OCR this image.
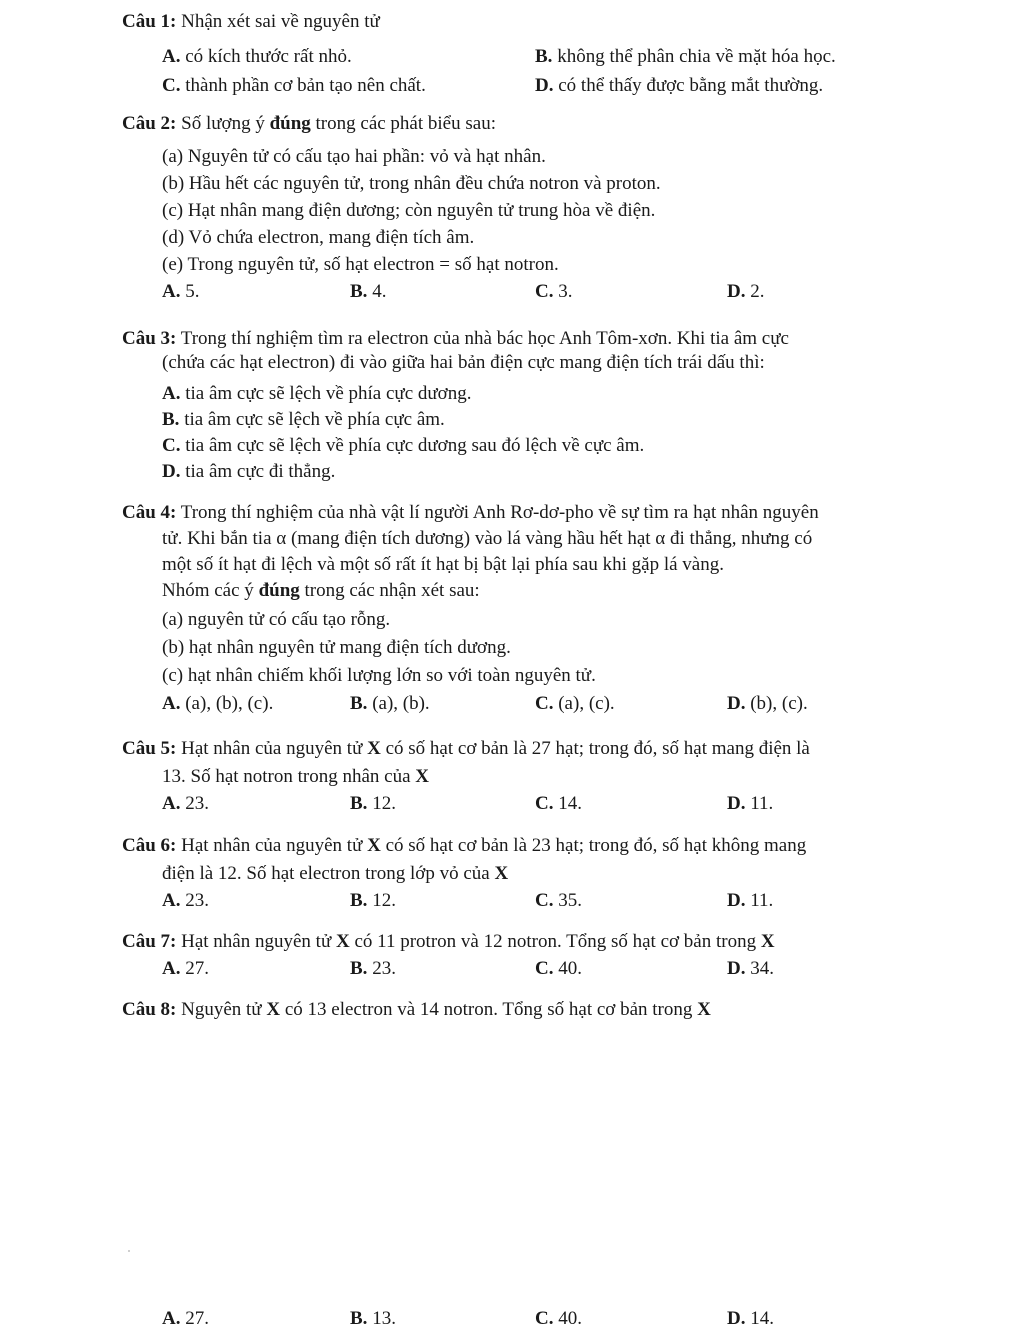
Câu 1: Nhận xét sai về nguyên tử
A. có kích thước rất nhỏ.	B. không thể phân chia về mặt hóa học.
C. thành phần cơ bản tạo nên chất.	D. có thể thấy được bằng mắt thường.
Câu 2: Số lượng ý đúng trong các phát biểu sau:
(a) Nguyên tử có cấu tạo hai phần: vỏ và hạt nhân.
(b) Hầu hết các nguyên tử, trong nhân đều chứa notron và proton.
(c) Hạt nhân mang điện dương; còn nguyên tử trung hòa về điện.
(d) Vỏ chứa electron, mang điện tích âm.
(e) Trong nguyên tử, số hạt electron = số hạt notron.
A. 5.	B. 4.	C. 3.	D. 2.
Câu 3: Trong thí nghiệm tìm ra electron của nhà bác học Anh Tôm-xơn. Khi tia âm cực
(chứa các hạt electron) đi vào giữa hai bản điện cực mang điện tích trái dấu thì:
A. tia âm cực sẽ lệch về phía cực dương.
B. tia âm cực sẽ lệch về phía cực âm.
C. tia âm cực sẽ lệch về phía cực dương sau đó lệch về cực âm.
D. tia âm cực đi thẳng.
Câu 4: Trong thí nghiệm của nhà vật lí người Anh Rơ-dơ-pho về sự tìm ra hạt nhân nguyên
tử. Khi bắn tia α (mang điện tích dương) vào lá vàng hầu hết hạt α đi thẳng, nhưng có
một số ít hạt đi lệch và một số rất ít hạt bị bật lại phía sau khi gặp lá vàng.
Nhóm các ý đúng trong các nhận xét sau:
(a) nguyên tử có cấu tạo rỗng.
(b) hạt nhân nguyên tử mang điện tích dương.
(c) hạt nhân chiếm khối lượng lớn so với toàn nguyên tử.
A. (a), (b), (c).	B. (a), (b).	C. (a), (c).	D. (b), (c).
Câu 5: Hạt nhân của nguyên tử X có số hạt cơ bản là 27 hạt; trong đó, số hạt mang điện là
13. Số hạt notron trong nhân của X
A. 23.	B. 12.	C. 14.	D. 11.
Câu 6: Hạt nhân của nguyên tử X có số hạt cơ bản là 23 hạt; trong đó, số hạt không mang
điện là 12. Số hạt electron trong lớp vỏ của X
A. 23.	B. 12.	C. 35.	D. 11.
Câu 7: Hạt nhân nguyên tử X có 11 protron và 12 notron. Tổng số hạt cơ bản trong X
A. 27.	B. 23.	C. 40.	D. 34.
Câu 8: Nguyên tử X có 13 electron và 14 notron. Tổng số hạt cơ bản trong X
A. 27.	B. 13.	C. 40.	D. 14.
